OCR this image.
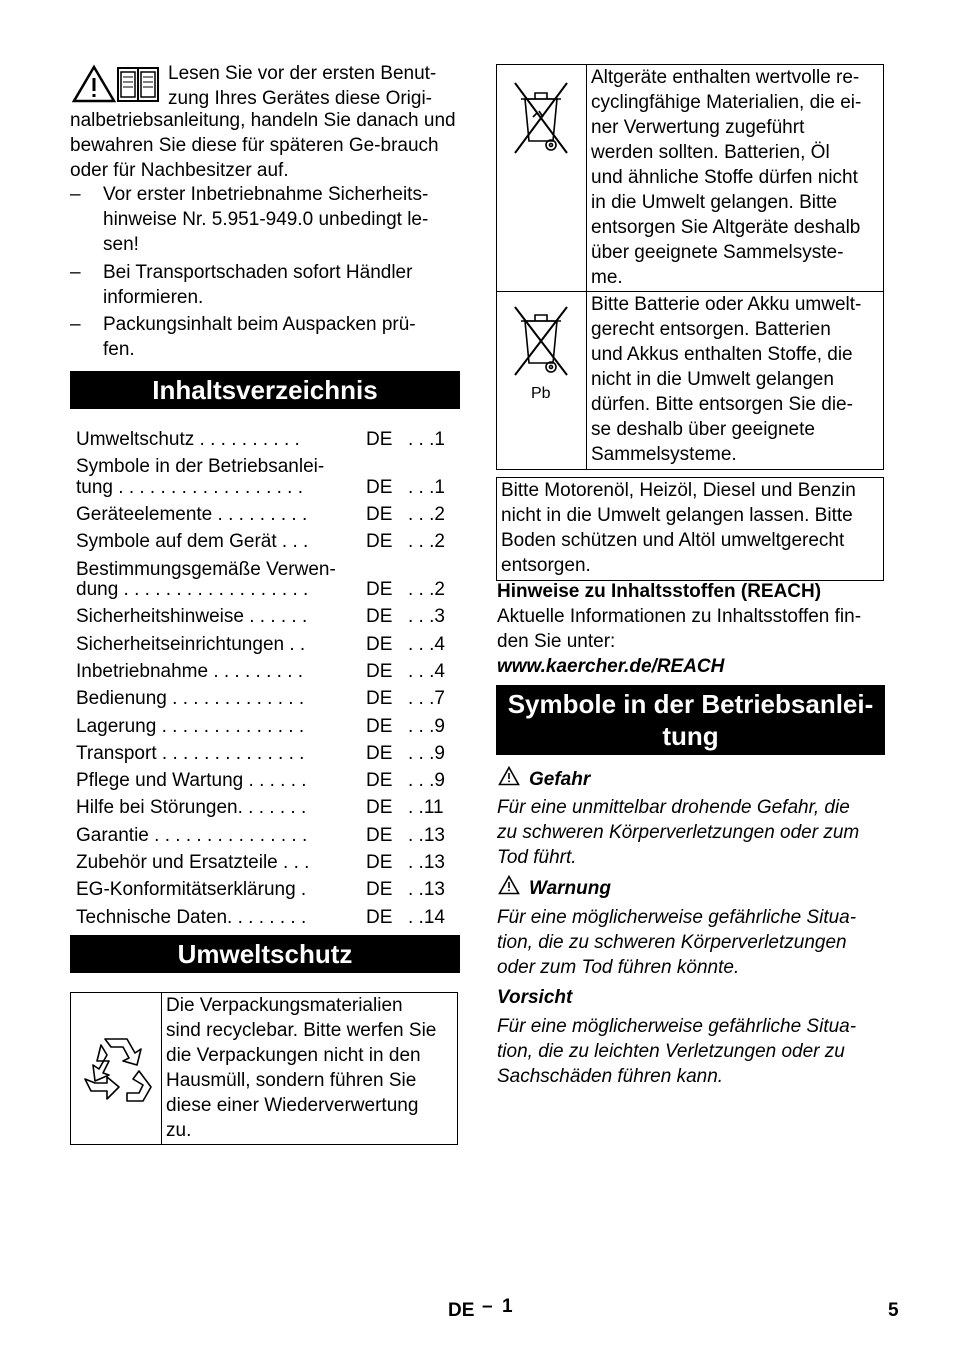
Lesen Sie vor der ersten Benut-

zung Ihres Gerätes diese Origi-

nalbetriebsanleitung, handeln Sie danach und bewahren Sie diese für späteren Ge-brauch oder für Nachbesitzer auf.

– Vor erster Inbetriebnahme Sicherheits-
hinweise Nr. 5.951-949.0 unbedingt le-
sen!
– Bei Transportschaden sofort Händler
informieren.
– Packungsinhalt beim Auspacken prü-
fen.
Inhaltsverzeichnis
Umweltschutz . . . . . . . . . .	DE . . .1
Symbole in der Betriebsanlei-
tung . . . . . . . . . . . . . . . . . .	DE . . .1
Geräteelemente . . . . . . . . .	DE . . .2
Symbole auf dem Gerät . . .	DE . . .2
Bestimmungsgemäße Verwen-
dung . . . . . . . . . . . . . . . . . .	DE . . .2
Sicherheitshinweise . . . . . .	DE . . .3
Sicherheitseinrichtungen . .	DE . . .4
Inbetriebnahme . . . . . . . . .	DE . . .4
Bedienung . . . . . . . . . . . . .	DE . . .7
Lagerung . . . . . . . . . . . . . .	DE . . .9
Transport . . . . . . . . . . . . . .	DE . . .9
Pflege und Wartung . . . . . .	DE . . .9
Hilfe bei Störungen. . . . . . .	DE . .11
Garantie . . . . . . . . . . . . . . .	DE . .13
Zubehör und Ersatzteile . . .	DE . .13
EG-Konformitätserklärung .	DE . .13
Technische Daten. . . . . . . .	DE . .14
Umweltschutz

Die Verpackungsmaterialien

sind recyclebar. Bitte werfen Sie

die Verpackungen nicht in den

Hausmüll, sondern führen Sie

diese einer Wiederverwertung

zu.

Altgeräte enthalten wertvolle re-

cyclingfähige Materialien, die ei-

ner Verwertung zugeführt

werden sollten. Batterien, Öl

und ähnliche Stoffe dürfen nicht

in die Umwelt gelangen. Bitte

entsorgen Sie Altgeräte deshalb

über geeignete Sammelsyste-

me.

Pb

Bitte Batterie oder Akku umwelt-

gerecht entsorgen. Batterien

und Akkus enthalten Stoffe, die

nicht in die Umwelt gelangen

dürfen. Bitte entsorgen Sie die-

se deshalb über geeignete

Sammelsysteme.

Bitte Motorenöl, Heizöl, Diesel und Benzin

nicht in die Umwelt gelangen lassen. Bitte

Boden schützen und Altöl umweltgerecht

entsorgen.

Hinweise zu Inhaltsstoffen (REACH)

Aktuelle Informationen zu Inhaltsstoffen fin-

den Sie unter:

www.kaercher.de/REACH

Symbole in der Betriebsanlei-
tung

Gefahr

Für eine unmittelbar drohende Gefahr, die

zu schweren Körperverletzungen oder zum

Tod führt.

Warnung

Für eine möglicherweise gefährliche Situa-

tion, die zu schweren Körperverletzungen

oder zum Tod führen könnte.

Vorsicht

Für eine möglicherweise gefährliche Situa-

tion, die zu leichten Verletzungen oder zu

Sachschäden führen kann.

DE – 1	5
